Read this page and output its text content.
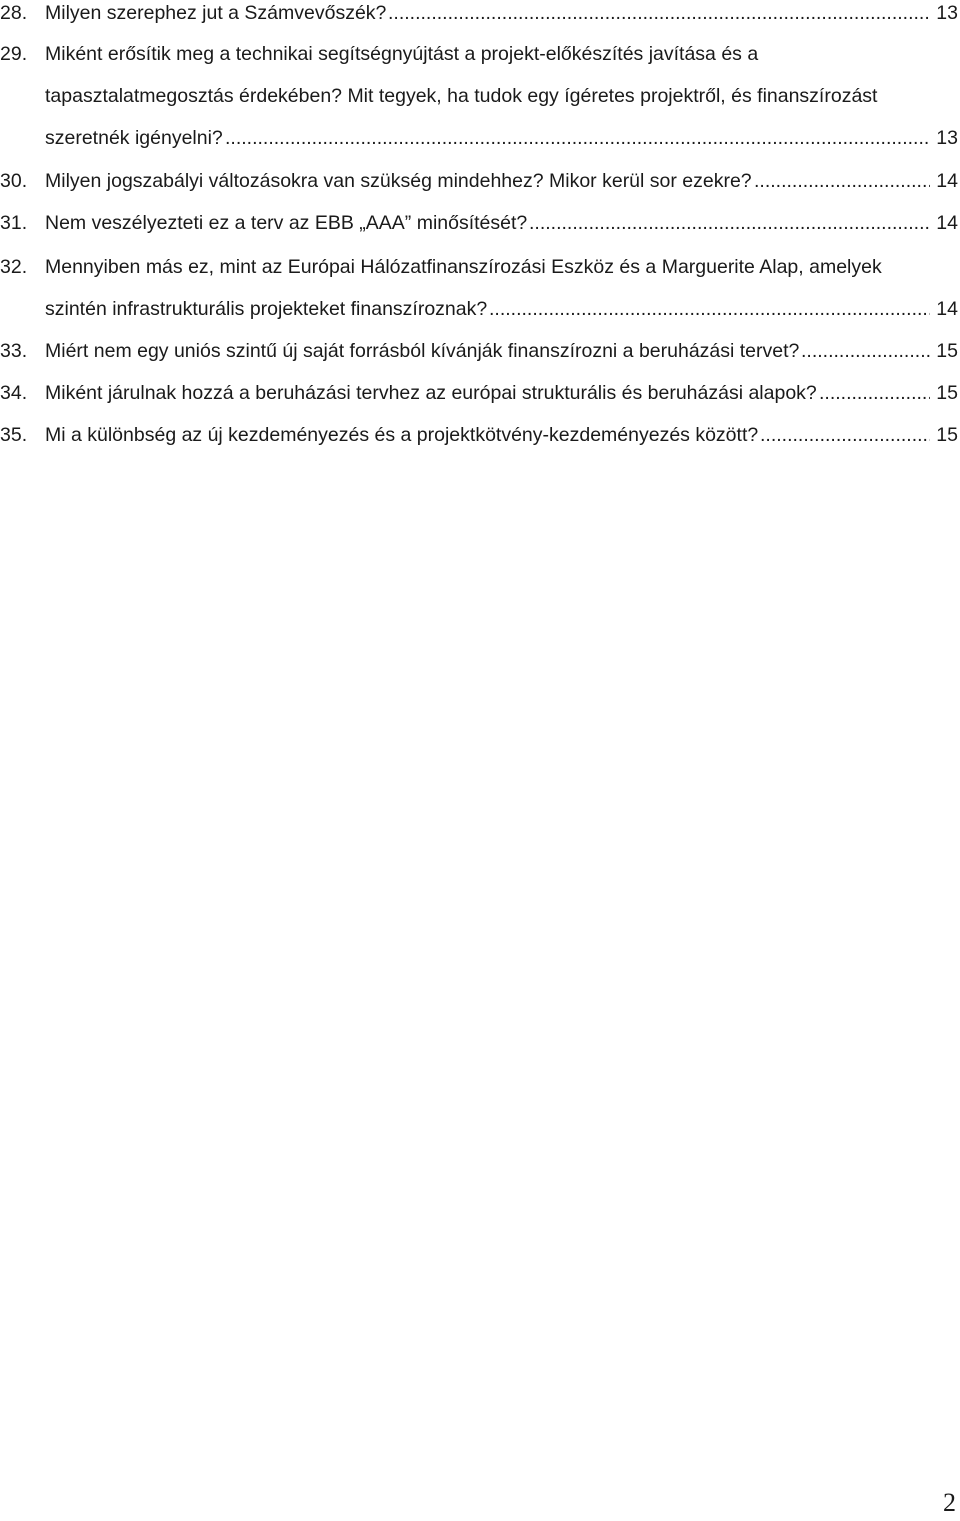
28. Milyen szerephez jut a Számvevőszék? .....	13
29. Miként erősítik meg a technikai segítségnyújtást a projekt-előkészítés javítása és a
tapasztalatmegosztás érdekében? Mit tegyek, ha tudok egy ígéretes projektről, és finanszírozást
szeretnék igényelni? .....	13
30. Milyen jogszabályi változásokra van szükség mindehhez? Mikor kerül sor ezekre? .....	14
31. Nem veszélyezteti ez a terv az EBB „AAA” minősítését? .....	14
32. Mennyiben más ez, mint az Európai Hálózatfinanszírozási Eszköz és a Marguerite Alap, amelyek
szintén infrastrukturális projekteket finanszíroznak? .....	14
33. Miért nem egy uniós szintű új saját forrásból kívánják finanszírozni a beruházási tervet? .....	15
34. Miként járulnak hozzá a beruházási tervhez az európai strukturális és beruházási alapok? .....	15
35. Mi a különbség az új kezdeményezés és a projektkötvény-kezdeményezés között? .....	15
2
